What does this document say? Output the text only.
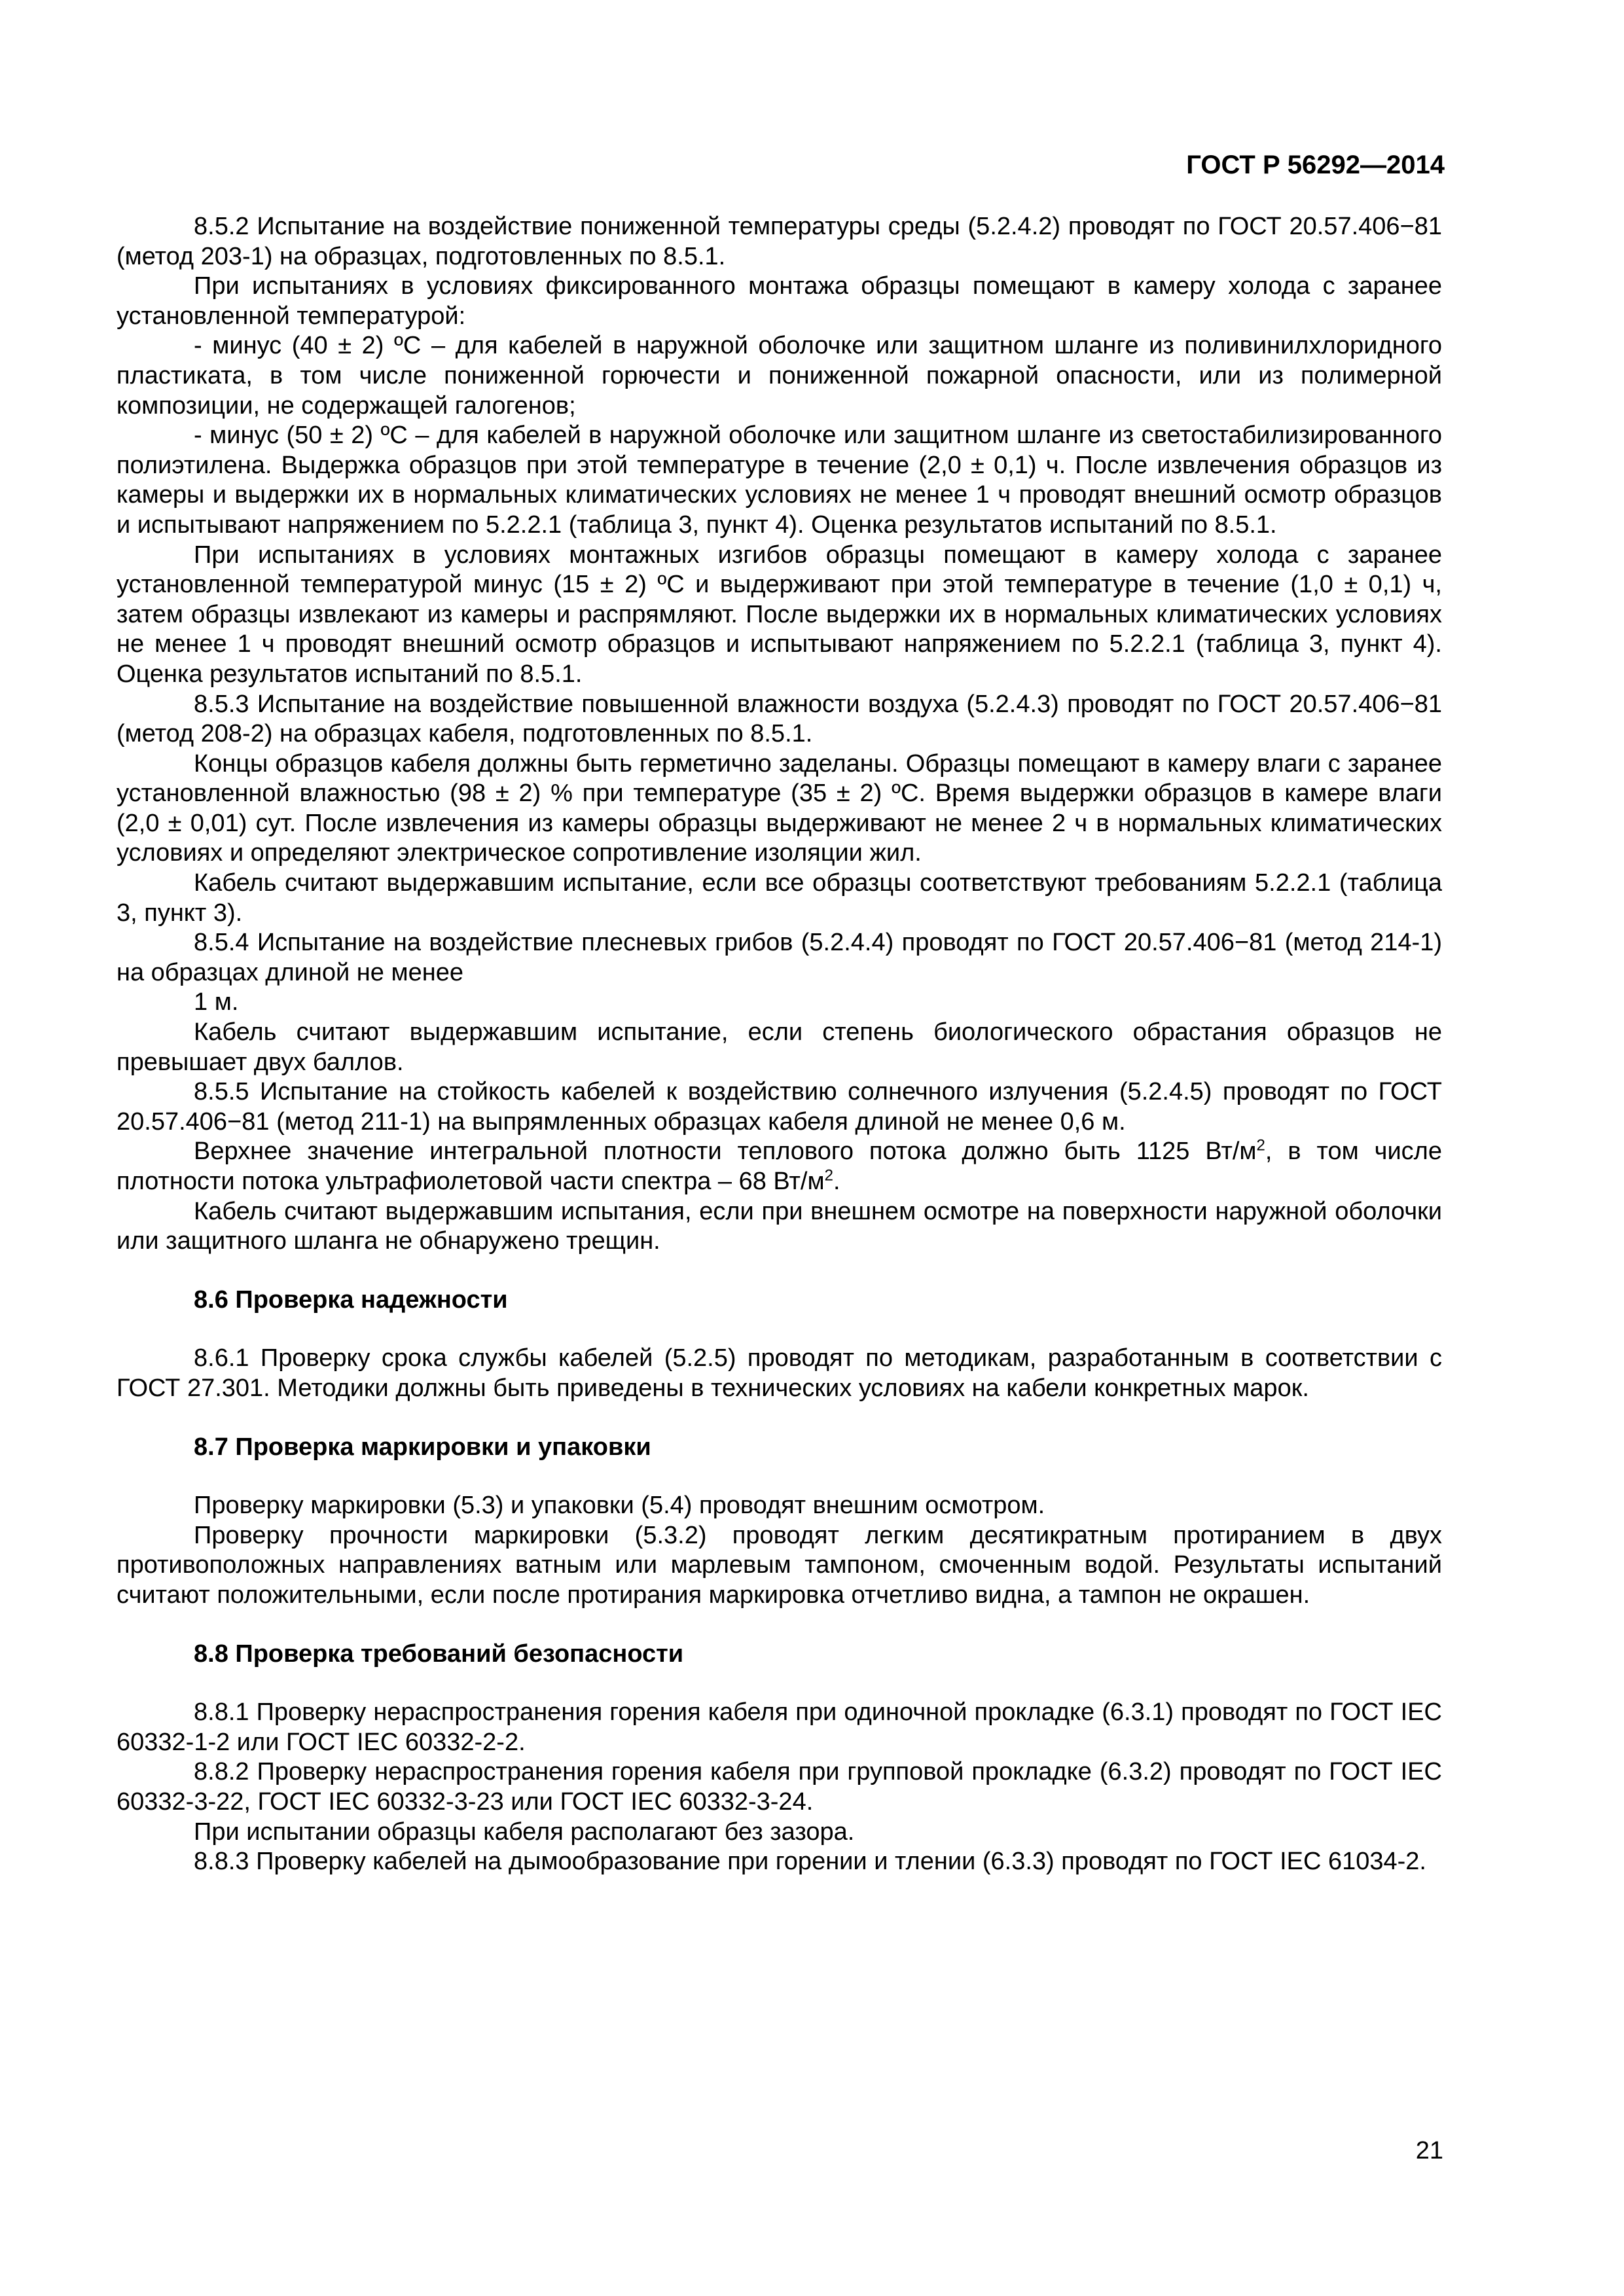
ГОСТ Р 56292—2014

8.5.2 Испытание на воздействие пониженной температуры среды (5.2.4.2) проводят по ГОСТ 20.57.406−81 (метод 203-1) на образцах, подготовленных по 8.5.1.

При испытаниях в условиях фиксированного монтажа образцы помещают в камеру холода с заранее установленной температурой:

- минус (40 ± 2) ºС – для кабелей в наружной оболочке или защитном шланге из поливинилхлоридного пластиката, в том числе пониженной горючести и пониженной пожарной опасности, или из полимерной композиции, не содержащей галогенов;

- минус (50 ± 2) ºС – для кабелей в наружной оболочке или защитном шланге из светостабилизированного полиэтилена. Выдержка образцов при этой температуре в течение (2,0 ± 0,1) ч. После извлечения образцов из камеры и выдержки их в нормальных климатических условиях не менее 1 ч проводят внешний осмотр образцов и испытывают напряжением по 5.2.2.1 (таблица 3, пункт 4). Оценка результатов испытаний по 8.5.1.

При испытаниях в условиях монтажных изгибов образцы помещают в камеру холода с заранее установленной температурой минус (15 ± 2) ºС и выдерживают при этой температуре в течение (1,0 ± 0,1) ч, затем образцы извлекают из камеры и распрямляют. После выдержки их в нормальных климатических условиях не менее 1 ч проводят внешний осмотр образцов и испытывают напряжением по 5.2.2.1 (таблица 3, пункт 4). Оценка результатов испытаний по 8.5.1.

8.5.3 Испытание на воздействие повышенной влажности воздуха (5.2.4.3) проводят по ГОСТ 20.57.406−81 (метод 208-2) на образцах кабеля, подготовленных по 8.5.1.

Концы образцов кабеля должны быть герметично заделаны. Образцы помещают в камеру влаги с заранее установленной влажностью (98 ± 2) % при температуре (35 ± 2) ºС. Время выдержки образцов в камере влаги (2,0 ± 0,01) сут. После извлечения из камеры образцы выдерживают не менее 2 ч в нормальных климатических условиях и определяют электрическое сопротивление изоляции жил.

Кабель считают выдержавшим испытание, если все образцы соответствуют требованиям 5.2.2.1 (таблица 3, пункт 3).

8.5.4 Испытание на воздействие плесневых грибов (5.2.4.4) проводят по ГОСТ 20.57.406−81 (метод 214-1) на образцах длиной не менее

1 м.

Кабель считают выдержавшим испытание, если степень биологического обрастания образцов не превышает двух баллов.

8.5.5 Испытание на стойкость кабелей к воздействию солнечного излучения (5.2.4.5) проводят по ГОСТ 20.57.406−81 (метод 211-1) на выпрямленных образцах кабеля длиной не менее 0,6 м.

Верхнее значение интегральной плотности теплового потока должно быть 1125 $Вт/м^2$, в том числе плотности потока ультрафиолетовой части спектра – 68 $Вт/м^2$.

Кабель считают выдержавшим испытания, если при внешнем осмотре на поверхности наружной оболочки или защитного шланга не обнаружено трещин.

8.6 Проверка надежности

8.6.1 Проверку срока службы кабелей (5.2.5) проводят по методикам, разработанным в соответствии с ГОСТ 27.301. Методики должны быть приведены в технических условиях на кабели конкретных марок.

8.7 Проверка маркировки и упаковки

Проверку маркировки (5.3) и упаковки (5.4) проводят внешним осмотром.

Проверку прочности маркировки (5.3.2) проводят легким десятикратным протиранием в двух противоположных направлениях ватным или марлевым тампоном, смоченным водой. Результаты испытаний считают положительными, если после протирания маркировка отчетливо видна, а тампон не окрашен.

8.8 Проверка требований безопасности

8.8.1 Проверку нераспространения горения кабеля при одиночной прокладке (6.3.1) проводят по ГОСТ IEC 60332-1-2 или ГОСТ IEC 60332-2-2.

8.8.2 Проверку нераспространения горения кабеля при групповой прокладке (6.3.2) проводят по ГОСТ IEC 60332-3-22, ГОСТ IEC 60332-3-23 или ГОСТ IEC 60332-3-24.

При испытании образцы кабеля располагают без зазора.

8.8.3 Проверку кабелей на дымообразование при горении и тлении (6.3.3) проводят по ГОСТ IEC 61034-2.

21
